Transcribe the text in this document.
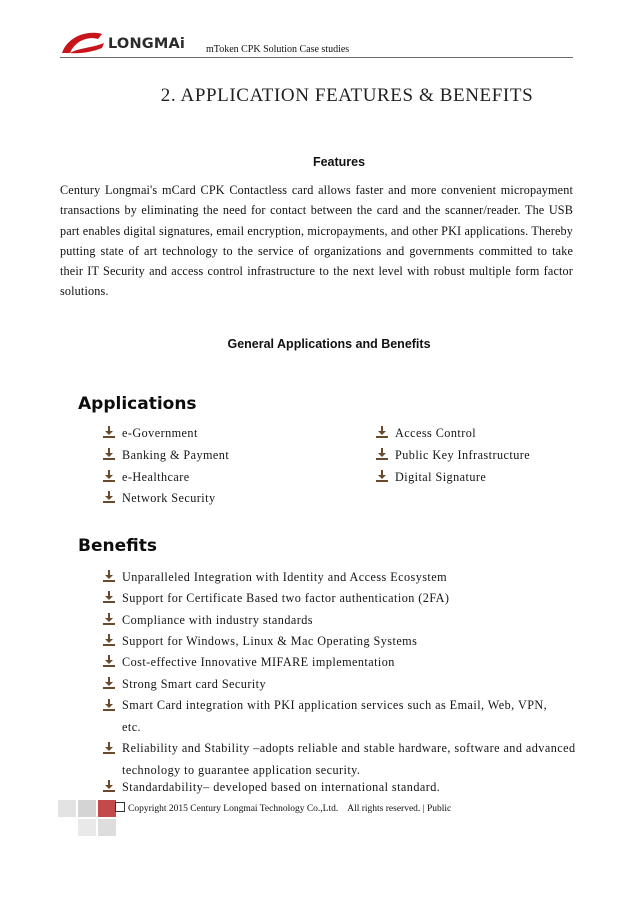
LONGMAi mToken CPK Solution Case studies
2. APPLICATION FEATURES & BENEFITS
Features
Century Longmai's mCard CPK Contactless card allows faster and more convenient micropayment transactions by eliminating the need for contact between the card and the scanner/reader. The USB part enables digital signatures, email encryption, micropayments, and other PKI applications. Thereby putting state of art technology to the service of organizations and governments committed to take their IT Security and access control infrastructure to the next level with robust multiple form factor solutions.
General Applications and Benefits
Applications
e-Government
Banking & Payment
e-Healthcare
Network Security
Access Control
Public Key Infrastructure
Digital Signature
Benefits
Unparalleled Integration with Identity and Access Ecosystem
Support for Certificate Based two factor authentication (2FA)
Compliance with industry standards
Support for Windows, Linux & Mac Operating Systems
Cost-effective Innovative MIFARE implementation
Strong Smart card Security
Smart Card integration with PKI application services such as Email, Web, VPN, etc.
Reliability and Stability –adopts reliable and stable hardware, software and advanced technology to guarantee application security.
Standardability– developed based on international standard.
Copyright 2015 Century Longmai Technology Co.,Ltd.    All rights reserved. | Public
